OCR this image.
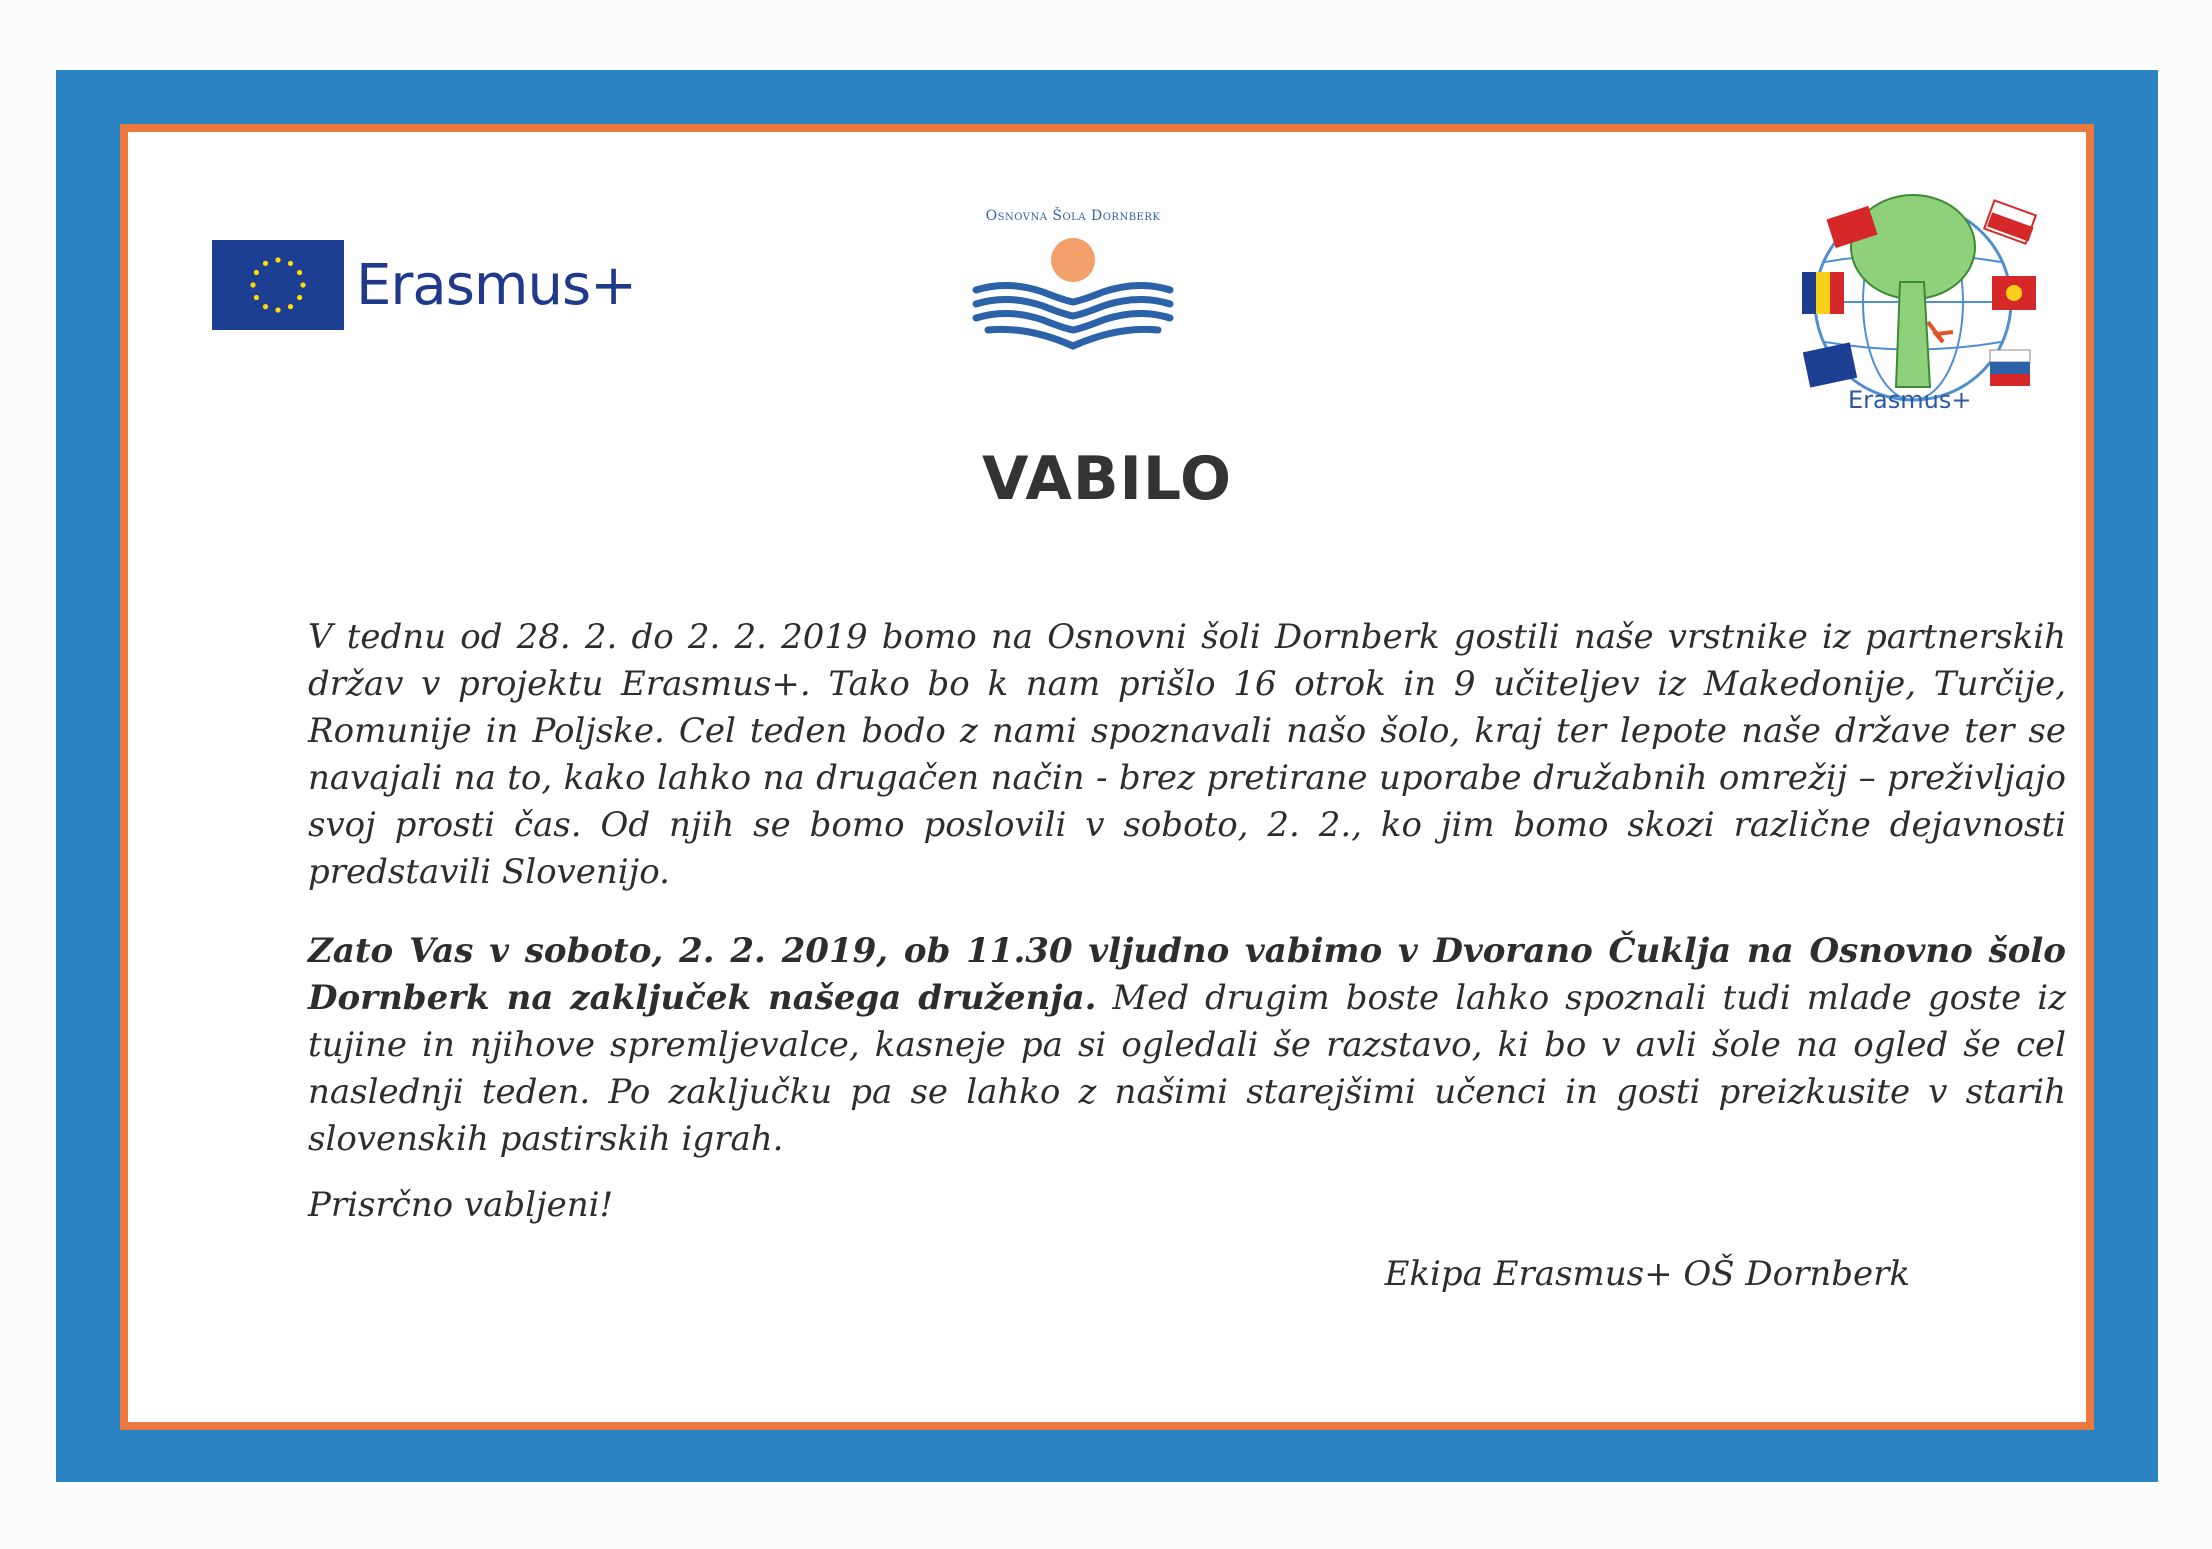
Erasmus+
Osnovna Šola Dornberk
Erasmus+
VABILO

V tednu od 28. 2. do 2. 2. 2019 bomo na Osnovni šoli Dornberk gostili naše vrstnike iz partnerskih držav v projektu Erasmus+. Tako bo k nam prišlo 16 otrok in 9 učiteljev iz Makedonije, Turčije, Romunije in Poljske. Cel teden bodo z nami spoznavali našo šolo, kraj ter lepote naše države ter se navajali na to, kako lahko na drugačen način - brez pretirane uporabe družabnih omrežij – preživljajo svoj prosti čas. Od njih se bomo poslovili v soboto, 2. 2., ko jim bomo skozi različne dejavnosti predstavili Slovenijo.

Zato Vas v soboto, 2. 2. 2019, ob 11.30 vljudno vabimo v Dvorano Čuklja na Osnovno šolo Dornberk na zaključek našega druženja. Med drugim boste lahko spoznali tudi mlade goste iz tujine in njihove spremljevalce, kasneje pa si ogledali še razstavo, ki bo v avli šole na ogled še cel naslednji teden. Po zaključku pa se lahko z našimi starejšimi učenci in gosti preizkusite v starih slovenskih pastirskih igrah.

Prisrčno vabljeni!

Ekipa Erasmus+ OŠ Dornberk
